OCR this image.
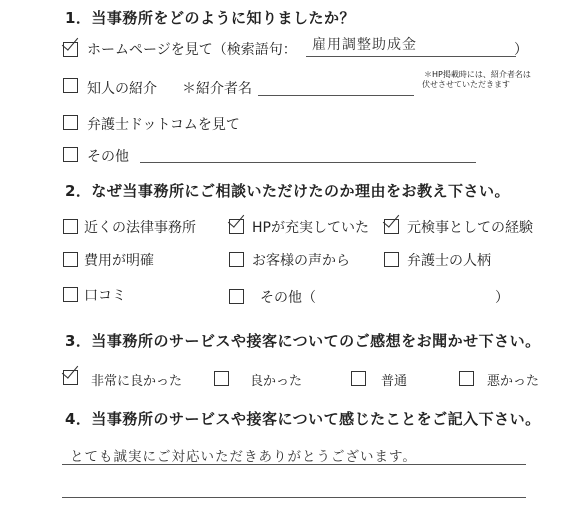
1．当事務所をどのように知りましたか？
ホームページを見て（検索語句： 雇用調整助成金	）
知人の紹介 ＊紹介者名
＊HP掲載時には、紹介者名は
伏せさせていただきます
弁護士ドットコムを見て
その他
2．なぜ当事務所にご相談いただけたのか理由をお教え下さい。
近くの法律事務所	HPが充実していた	元検事としての経験
費用が明確	お客様の声から	弁護士の人柄
口コミ	その他（	）
3．当事務所のサービスや接客についてのご感想をお聞かせ下さい。
非常に良かった	良かった	普通	悪かった
4．当事務所のサービスや接客について感じたことをご記入下さい。
とても誠実にご対応いただきありがとうございます。
